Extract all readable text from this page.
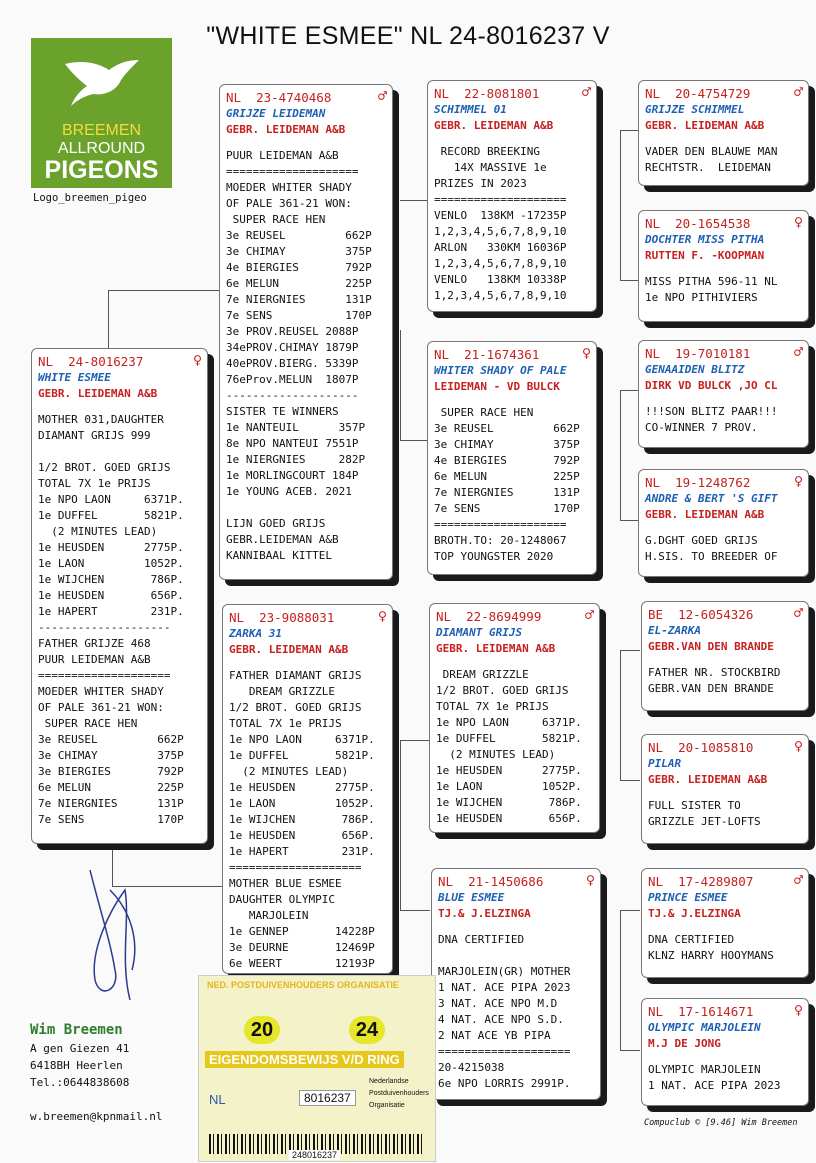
"WHITE ESMEE" NL 24-8016237 V
BREEMEN
ALLROUND
PIGEONS
Logo_breemen_pigeo
NL  24-8016237	♀
WHITE ESMEE
GEBR. LEIDEMAN A&B
MOTHER 031,DAUGHTER
DIAMANT GRIJS 999

1/2 BROT. GOED GRIJS
TOTAL 7X 1e PRIJS
1e NPO LAON     6371P.
1e DUFFEL       5821P.
(2 MINUTES LEAD)
1e HEUSDEN      2775P.
1e LAON         1052P.
1e WIJCHEN       786P.
1e HEUSDEN       656P.
1e HAPERT        231P.
--------------------
FATHER GRIJZE 468
PUUR LEIDEMAN A&B
====================
MOEDER WHITER SHADY
OF PALE 361-21 WON:
SUPER RACE HEN
3e REUSEL         662P
3e CHIMAY         375P
3e BIERGIES       792P
6e MELUN          225P
7e NIERGNIES      131P
7e SENS           170P
NL  23-4740468	♂
GRIJZE LEIDEMAN
GEBR. LEIDEMAN A&B
PUUR LEIDEMAN A&B
====================
MOEDER WHITER SHADY
OF PALE 361-21 WON:
SUPER RACE HEN
3e REUSEL         662P
3e CHIMAY         375P
4e BIERGIES       792P
6e MELUN          225P
7e NIERGNIES      131P
7e SENS           170P
3e PROV.REUSEL 2088P
34ePROV.CHIMAY 1879P
40ePROV.BIERG. 5339P
76eProv.MELUN  1807P
--------------------
SISTER TE WINNERS
1e NANTEUIL      357P
8e NPO NANTEUI 7551P
1e NIERGNIES     282P
1e MORLINGCOURT 184P
1e YOUNG ACEB. 2021

LIJN GOED GRIJS
GEBR.LEIDEMAN A&B
KANNIBAAL KITTEL
NL  23-9088031	♀
ZARKA 31
GEBR. LEIDEMAN A&B
FATHER DIAMANT GRIJS
DREAM GRIZZLE
1/2 BROT. GOED GRIJS
TOTAL 7X 1e PRIJS
1e NPO LAON     6371P.
1e DUFFEL       5821P.
(2 MINUTES LEAD)
1e HEUSDEN      2775P.
1e LAON         1052P.
1e WIJCHEN       786P.
1e HEUSDEN       656P.
1e HAPERT        231P.
====================
MOTHER BLUE ESMEE
DAUGHTER OLYMPIC
MARJOLEIN
1e GENNEP       14228P
3e DEURNE       12469P
6e WEERT        12193P
NL  22-8081801	♂
SCHIMMEL 01
GEBR. LEIDEMAN A&B
RECORD BREEKING
14X MASSIVE 1e
PRIZES IN 2023
====================
VENLO  138KM -17235P
1,2,3,4,5,6,7,8,9,10
ARLON   330KM 16036P
1,2,3,4,5,6,7,8,9,10
VENLO   138KM 10338P
1,2,3,4,5,6,7,8,9,10
NL  21-1674361	♀
WHITER SHADY OF PALE
LEIDEMAN - VD BULCK
SUPER RACE HEN
3e REUSEL         662P
3e CHIMAY         375P
4e BIERGIES       792P
6e MELUN          225P
7e NIERGNIES      131P
7e SENS           170P
====================
BROTH.TO: 20-1248067
TOP YOUNGSTER 2020
NL  22-8694999	♂
DIAMANT GRIJS
GEBR. LEIDEMAN A&B
DREAM GRIZZLE
1/2 BROT. GOED GRIJS
TOTAL 7X 1e PRIJS
1e NPO LAON     6371P.
1e DUFFEL       5821P.
(2 MINUTES LEAD)
1e HEUSDEN      2775P.
1e LAON         1052P.
1e WIJCHEN       786P.
1e HEUSDEN       656P.
NL  21-1450686	♀
BLUE ESMEE
TJ.& J.ELZINGA
DNA CERTIFIED

MARJOLEIN(GR) MOTHER
1 NAT. ACE PIPA 2023
3 NAT. ACE NPO M.D
4 NAT. ACE NPO S.D.
2 NAT ACE YB PIPA
====================
20-4215038
6e NPO LORRIS 2991P.
NL  20-4754729	♂
GRIJZE SCHIMMEL
GEBR. LEIDEMAN A&B
VADER DEN BLAUWE MAN
RECHTSTR.  LEIDEMAN
NL  20-1654538	♀
DOCHTER MISS PITHA
RUTTEN F. -KOOPMAN
MISS PITHA 596-11 NL
1e NPO PITHIVIERS
NL  19-7010181	♂
GENAAIDEN BLITZ
DIRK VD BULCK ,JO CL
!!!SON BLITZ PAAR!!!
CO-WINNER 7 PROV.
NL  19-1248762	♀
ANDRE & BERT 'S GIFT
GEBR. LEIDEMAN A&B
G.DGHT GOED GRIJS
H.SIS. TO BREEDER OF
BE  12-6054326	♂
EL-ZARKA
GEBR.VAN DEN BRANDE
FATHER NR. STOCKBIRD
GEBR.VAN DEN BRANDE
NL  20-1085810	♀
PILAR
GEBR. LEIDEMAN A&B
FULL SISTER TO
GRIZZLE JET-LOFTS
NL  17-4289807	♂
PRINCE ESMEE
TJ.& J.ELZINGA
DNA CERTIFIED
KLNZ HARRY HOOYMANS
NL  17-1614671	♀
OLYMPIC MARJOLEIN
M.J DE JONG
OLYMPIC MARJOLEIN
1 NAT. ACE PIPA 2023
Wim Breemen
A gen Giezen 41
6418BH Heerlen
Tel.:0644838608
w.breemen@kpnmail.nl
NED. POSTDUIVENHOUDERS ORGANISATIE
20	24
EIGENDOMSBEWIJS V/D RING
NL	8016237
Nederlandse
Postduivenhouders
Organisatie
248016237
Compuclub © [9.46] Wim Breemen
